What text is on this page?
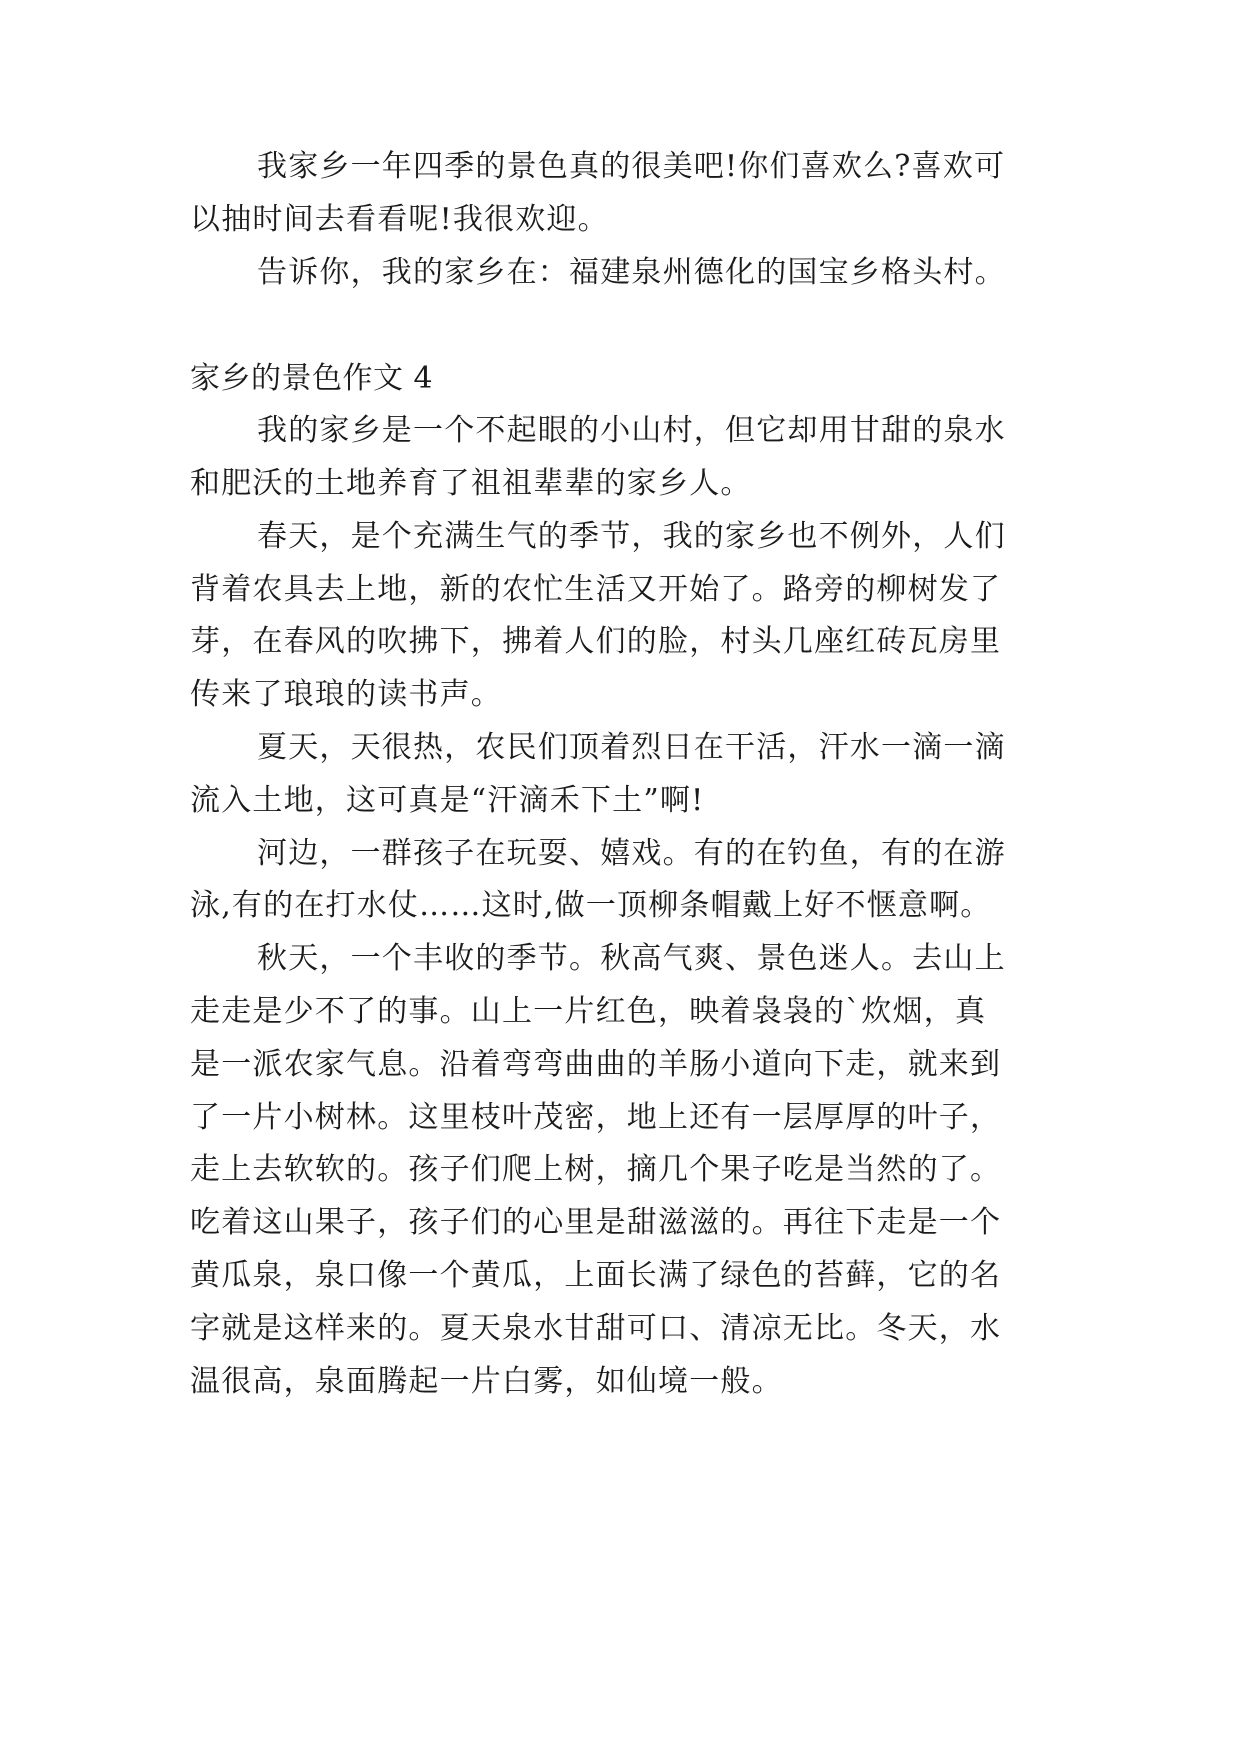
我家乡一年四季的景色真的很美吧!你们喜欢么?喜欢可
以抽时间去看看呢!我很欢迎。
告诉你，我的家乡在：福建泉州德化的国宝乡格头村。
家乡的景色作文 4
我的家乡是一个不起眼的小山村，但它却用甘甜的泉水
和肥沃的土地养育了祖祖辈辈的家乡人。
春天，是个充满生气的季节，我的家乡也不例外，人们
背着农具去上地，新的农忙生活又开始了。路旁的柳树发了
芽，在春风的吹拂下，拂着人们的脸，村头几座红砖瓦房里
传来了琅琅的读书声。
夏天，天很热，农民们顶着烈日在干活，汗水一滴一滴
流入土地，这可真是“汗滴禾下土”啊!
河边，一群孩子在玩耍、嬉戏。有的在钓鱼，有的在游
泳,有的在打水仗……这时,做一顶柳条帽戴上好不惬意啊。
秋天，一个丰收的季节。秋高气爽、景色迷人。去山上
走走是少不了的事。山上一片红色，映着袅袅的`炊烟，真
是一派农家气息。沿着弯弯曲曲的羊肠小道向下走，就来到
了一片小树林。这里枝叶茂密，地上还有一层厚厚的叶子，
走上去软软的。孩子们爬上树，摘几个果子吃是当然的了。
吃着这山果子，孩子们的心里是甜滋滋的。再往下走是一个
黄瓜泉，泉口像一个黄瓜，上面长满了绿色的苔藓，它的名
字就是这样来的。夏天泉水甘甜可口、清凉无比。冬天，水
温很高，泉面腾起一片白雾，如仙境一般。
